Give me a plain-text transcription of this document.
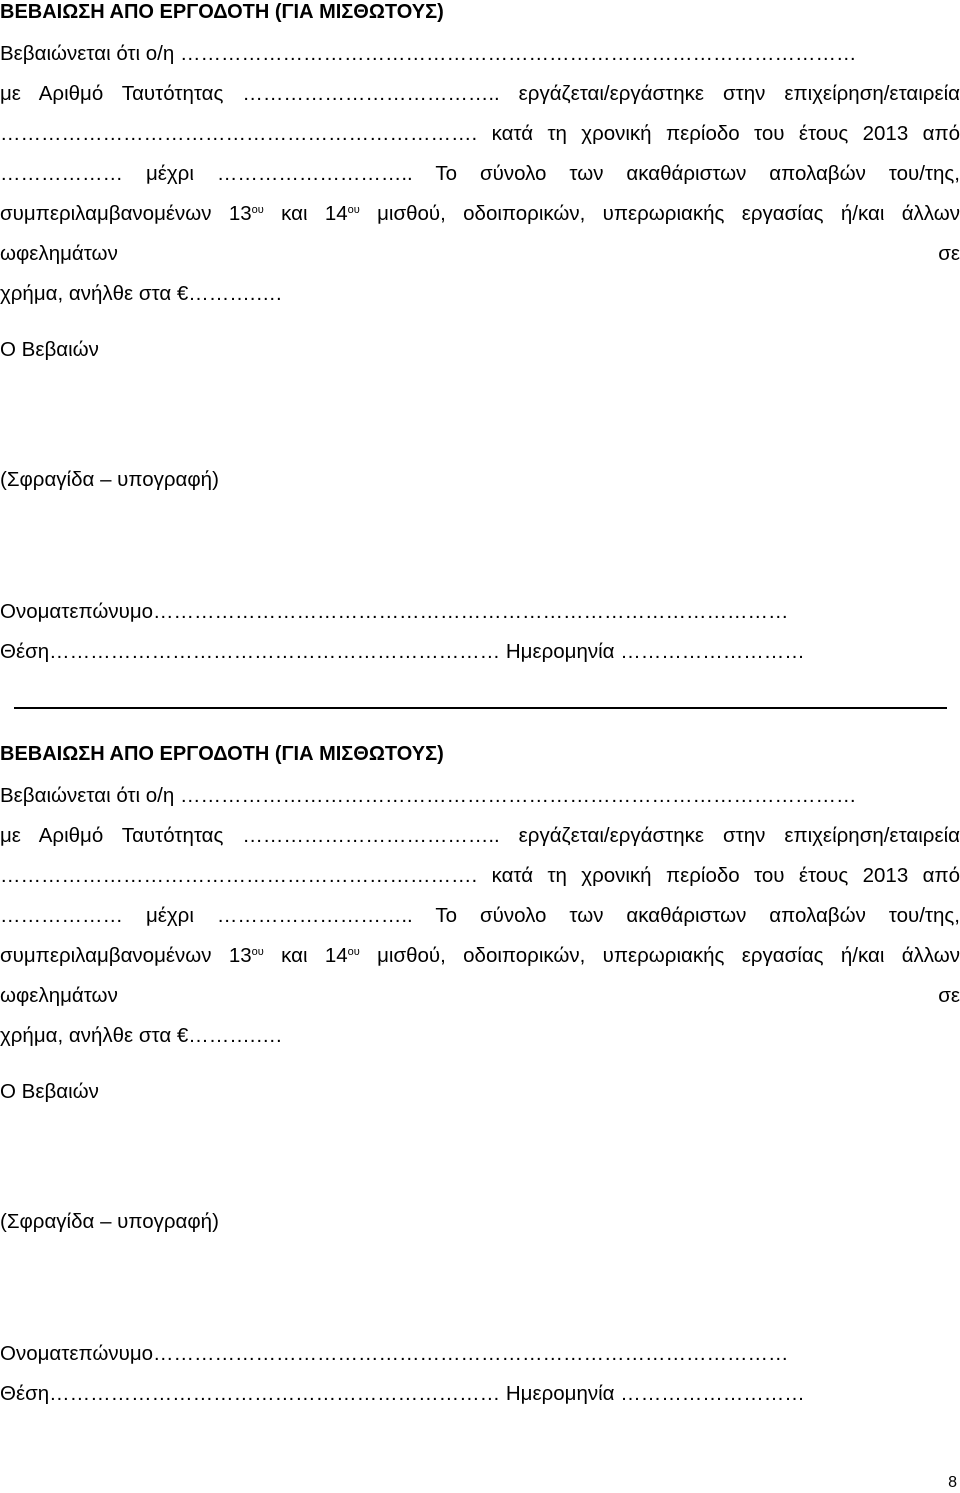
ΒΕΒΑΙΩΣΗ ΑΠΟ ΕΡΓΟΔΟΤΗ (ΓΙΑ ΜΙΣΘΩΤΟΥΣ)
Βεβαιώνεται ότι ο/η ………………………………………………………………………………………
με Αριθμό Ταυτότητας ……………………………….. εργάζεται/εργάστηκε στην επιχείρηση/εταιρεία
……………………………………………………………. κατά τη χρονική περίοδο του έτους 2013 από
……………… μέχρι ……………………….. Το σύνολο των ακαθάριστων απολαβών του/της,
συμπεριλαμβανομένων $13^{o\upsilon}$ και $14^{o\upsilon}$ μισθού, οδοιπορικών, υπερωριακής εργασίας ή/και άλλων ωφελημάτων σε
χρήμα, ανήλθε στα €……….….
Ο Βεβαιών
(Σφραγίδα – υπογραφή)
Ονοματεπώνυμο…………………………………………………………………………………
Θέση………………………………………………………… Ημερομηνία ………………………
ΒΕΒΑΙΩΣΗ ΑΠΟ ΕΡΓΟΔΟΤΗ (ΓΙΑ ΜΙΣΘΩΤΟΥΣ)
Βεβαιώνεται ότι ο/η ………………………………………………………………………………………
με Αριθμό Ταυτότητας ……………………………….. εργάζεται/εργάστηκε στην επιχείρηση/εταιρεία
……………………………………………………………. κατά τη χρονική περίοδο του έτους 2013 από
……………… μέχρι ……………………….. Το σύνολο των ακαθάριστων απολαβών του/της,
συμπεριλαμβανομένων $13^{o\upsilon}$ και $14^{o\upsilon}$ μισθού, οδοιπορικών, υπερωριακής εργασίας ή/και άλλων ωφελημάτων σε
χρήμα, ανήλθε στα €……….….
Ο Βεβαιών
(Σφραγίδα – υπογραφή)
Ονοματεπώνυμο…………………………………………………………………………………
Θέση………………………………………………………… Ημερομηνία ………………………
8
